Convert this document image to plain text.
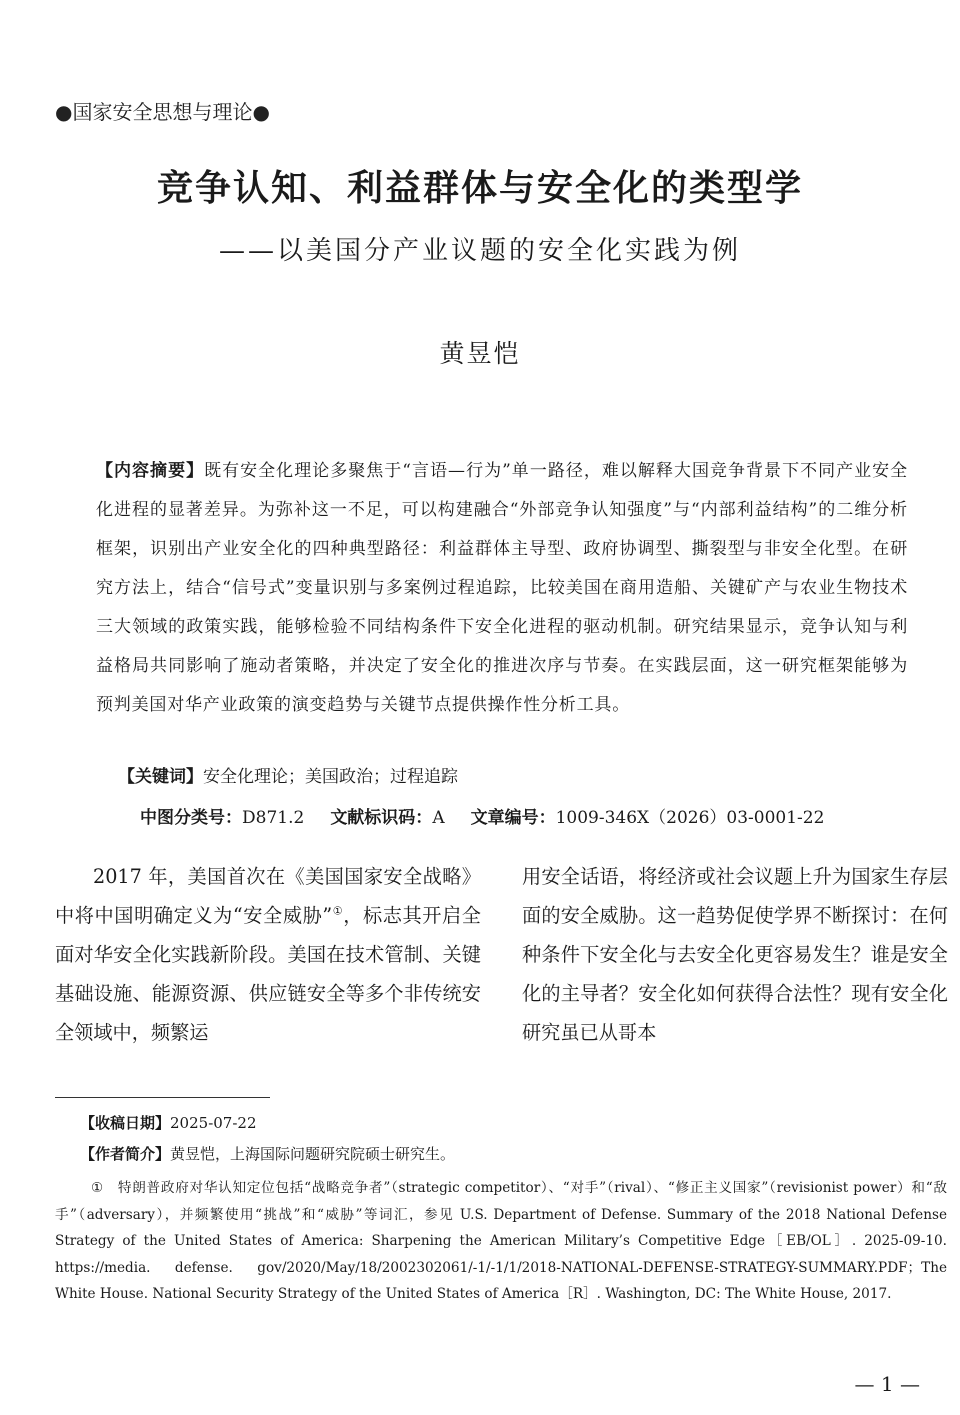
●国家安全思想与理论●
竞争认知、利益群体与安全化的类型学
——以美国分产业议题的安全化实践为例
黄昱恺
【内容摘要】既有安全化理论多聚焦于“言语—行为”单一路径，难以解释大国竞争背景下不同产业安全化进程的显著差异。为弥补这一不足，可以构建融合“外部竞争认知强度”与“内部利益结构”的二维分析框架，识别出产业安全化的四种典型路径：利益群体主导型、政府协调型、撕裂型与非安全化型。在研究方法上，结合“信号式”变量识别与多案例过程追踪，比较美国在商用造船、关键矿产与农业生物技术三大领域的政策实践，能够检验不同结构条件下安全化进程的驱动机制。研究结果显示，竞争认知与利益格局共同影响了施动者策略，并决定了安全化的推进次序与节奏。在实践层面，这一研究框架能够为预判美国对华产业政策的演变趋势与关键节点提供操作性分析工具。
【关键词】安全化理论；美国政治；过程追踪
中图分类号：D871.2 文献标识码：A 文章编号：1009-346X（2026）03-0001-22
2017 年，美国首次在《美国国家安全战略》中将中国明确定义为“安全威胁”①，标志其开启全面对华安全化实践新阶段。美国在技术管制、关键基础设施、能源资源、供应链安全等多个非传统安全领域中，频繁运
用安全话语，将经济或社会议题上升为国家生存层面的安全威胁。这一趋势促使学界不断探讨：在何种条件下安全化与去安全化更容易发生？谁是安全化的主导者？安全化如何获得合法性？现有安全化研究虽已从哥本
【收稿日期】2025-07-22
【作者简介】黄昱恺，上海国际问题研究院硕士研究生。
① 特朗普政府对华认知定位包括“战略竞争者”（strategic competitor）、“对手”（rival）、“修正主义国家”（revisionist power）和“敌手”（adversary），并频繁使用“挑战”和“威胁”等词汇，参见 U.S. Department of Defense. Summary of the 2018 National Defense Strategy of the United States of America: Sharpening the American Military’s Competitive Edge［EB/OL］. 2025-09-10. https://media. defense. gov/2020/May/18/2002302061/-1/-1/1/2018-NATIONAL-DEFENSE-STRATEGY-SUMMARY.PDF；The White House. National Security Strategy of the United States of America［R］. Washington, DC: The White House, 2017.
— 1 —
